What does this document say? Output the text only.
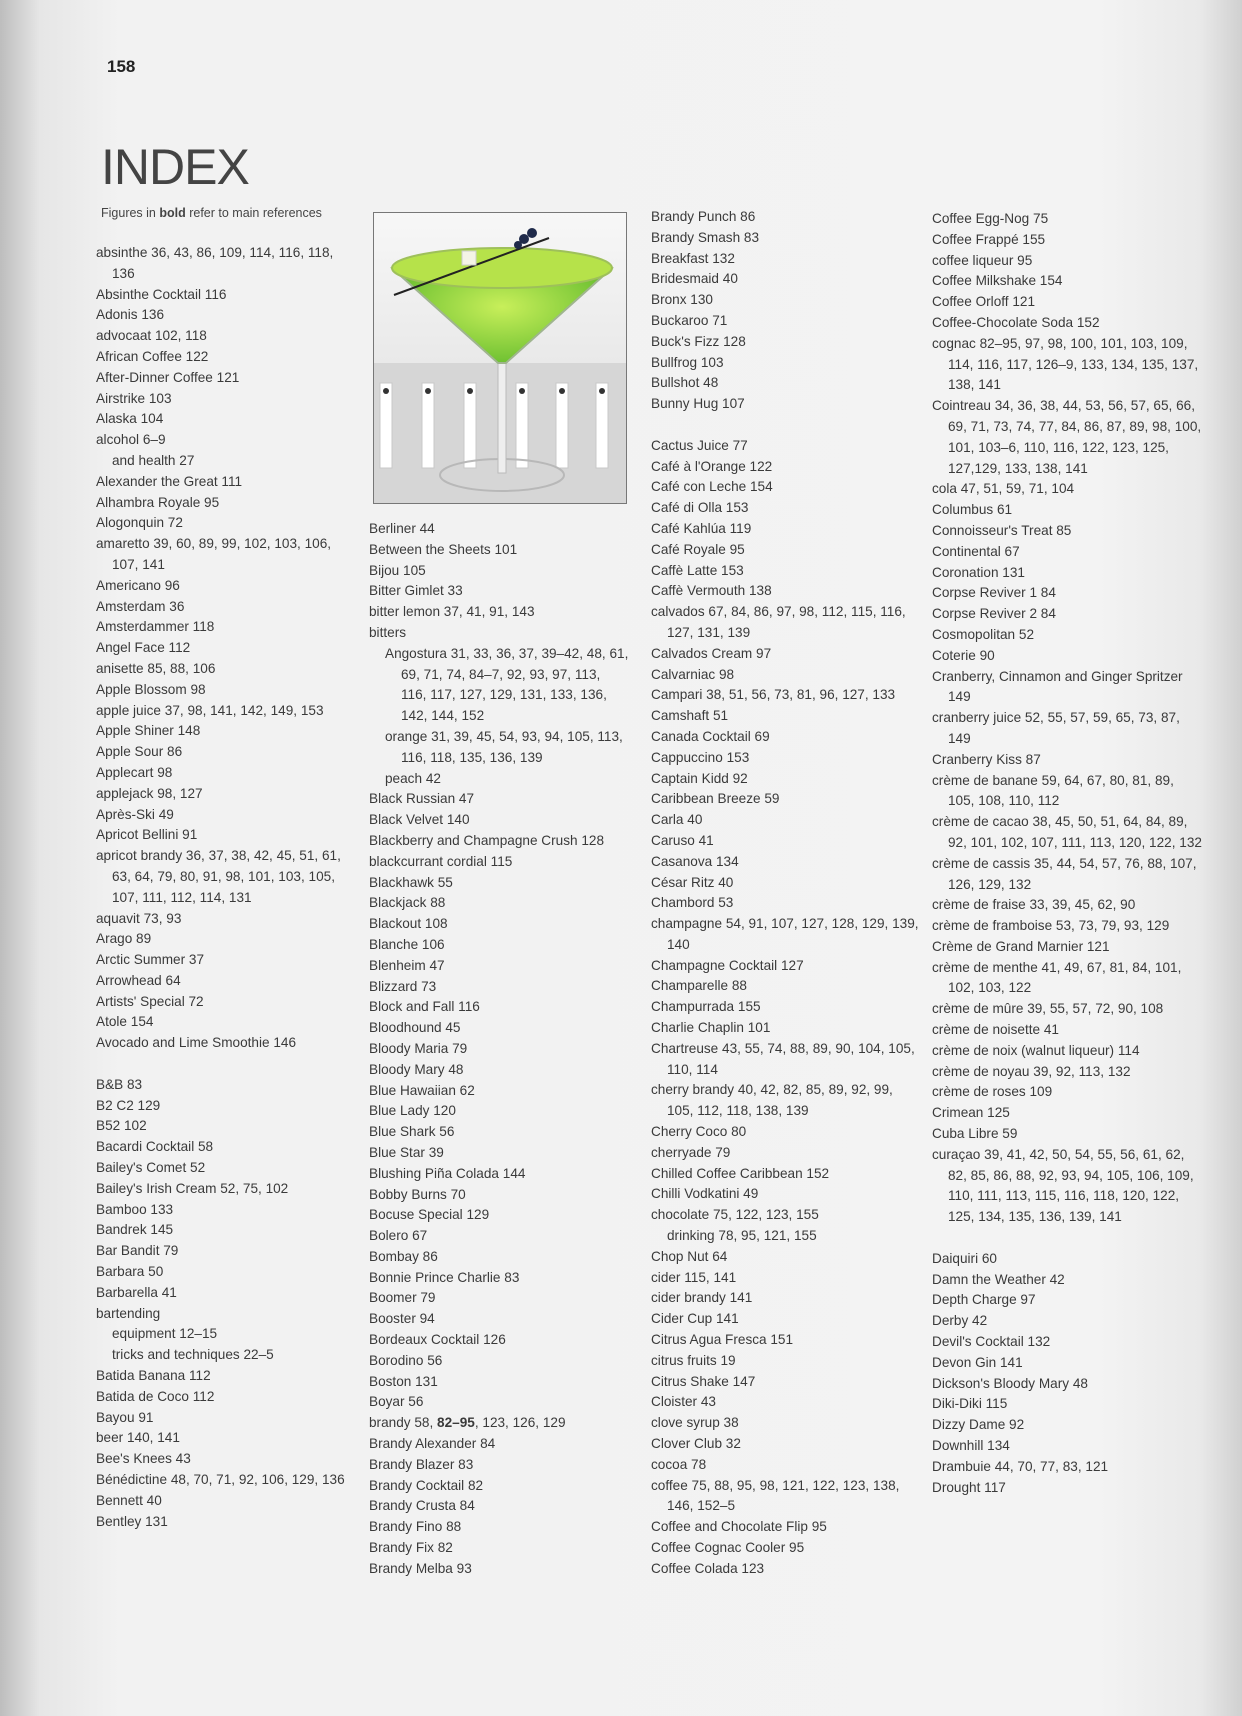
158
INDEX
Figures in bold refer to main references
absinthe 36, 43, 86, 109, 114, 116, 118, 136
Absinthe Cocktail 116
Adonis 136
advocaat 102, 118
African Coffee 122
After-Dinner Coffee 121
Airstrike 103
Alaska 104
alcohol 6–9
and health 27
Alexander the Great 111
Alhambra Royale 95
Alogonquin 72
amaretto 39, 60, 89, 99, 102, 103, 106, 107, 141
Americano 96
Amsterdam 36
Amsterdammer 118
Angel Face 112
anisette 85, 88, 106
Apple Blossom 98
apple juice 37, 98, 141, 142, 149, 153
Apple Shiner 148
Apple Sour 86
Applecart 98
applejack 98, 127
Après-Ski 49
Apricot Bellini 91
apricot brandy 36, 37, 38, 42, 45, 51, 61, 63, 64, 79, 80, 91, 98, 101, 103, 105, 107, 111, 112, 114, 131
aquavit 73, 93
Arago 89
Arctic Summer 37
Arrowhead 64
Artists' Special 72
Atole 154
Avocado and Lime Smoothie 146
B&B 83
B2 C2 129
B52 102
Bacardi Cocktail 58
Bailey's Comet 52
Bailey's Irish Cream 52, 75, 102
Bamboo 133
Bandrek 145
Bar Bandit 79
Barbara 50
Barbarella 41
bartending
equipment 12–15
tricks and techniques 22–5
Batida Banana 112
Batida de Coco 112
Bayou 91
beer 140, 141
Bee's Knees 43
Bénédictine 48, 70, 71, 92, 106, 129, 136
Bennett 40
Bentley 131
Berliner 44
Between the Sheets 101
Bijou 105
Bitter Gimlet 33
bitter lemon 37, 41, 91, 143
bitters
Angostura 31, 33, 36, 37, 39–42, 48, 61, 69, 71, 74, 84–7, 92, 93, 97, 113, 116, 117, 127, 129, 131, 133, 136, 142, 144, 152
orange 31, 39, 45, 54, 93, 94, 105, 113, 116, 118, 135, 136, 139
peach 42
Black Russian 47
Black Velvet 140
Blackberry and Champagne Crush 128
blackcurrant cordial 115
Blackhawk 55
Blackjack 88
Blackout 108
Blanche 106
Blenheim 47
Blizzard 73
Block and Fall 116
Bloodhound 45
Bloody Maria 79
Bloody Mary 48
Blue Hawaiian 62
Blue Lady 120
Blue Shark 56
Blue Star 39
Blushing Piña Colada 144
Bobby Burns 70
Bocuse Special 129
Bolero 67
Bombay 86
Bonnie Prince Charlie 83
Boomer 79
Booster 94
Bordeaux Cocktail 126
Borodino 56
Boston 131
Boyar 56
brandy 58, 82–95, 123, 126, 129
Brandy Alexander 84
Brandy Blazer 83
Brandy Cocktail 82
Brandy Crusta 84
Brandy Fino 88
Brandy Fix 82
Brandy Melba 93
Brandy Punch 86
Brandy Smash 83
Breakfast 132
Bridesmaid 40
Bronx 130
Buckaroo 71
Buck's Fizz 128
Bullfrog 103
Bullshot 48
Bunny Hug 107
Cactus Juice 77
Café à l'Orange 122
Café con Leche 154
Café di Olla 153
Café Kahlúa 119
Café Royale 95
Caffè Latte 153
Caffè Vermouth 138
calvados 67, 84, 86, 97, 98, 112, 115, 116, 127, 131, 139
Calvados Cream 97
Calvarniac 98
Campari 38, 51, 56, 73, 81, 96, 127, 133
Camshaft 51
Canada Cocktail 69
Cappuccino 153
Captain Kidd 92
Caribbean Breeze 59
Carla 40
Caruso 41
Casanova 134
César Ritz 40
Chambord 53
champagne 54, 91, 107, 127, 128, 129, 139, 140
Champagne Cocktail 127
Champarelle 88
Champurrada 155
Charlie Chaplin 101
Chartreuse 43, 55, 74, 88, 89, 90, 104, 105, 110, 114
cherry brandy 40, 42, 82, 85, 89, 92, 99, 105, 112, 118, 138, 139
Cherry Coco 80
cherryade 79
Chilled Coffee Caribbean 152
Chilli Vodkatini 49
chocolate 75, 122, 123, 155
drinking 78, 95, 121, 155
Chop Nut 64
cider 115, 141
cider brandy 141
Cider Cup 141
Citrus Agua Fresca 151
citrus fruits 19
Citrus Shake 147
Cloister 43
clove syrup 38
Clover Club 32
cocoa 78
coffee 75, 88, 95, 98, 121, 122, 123, 138, 146, 152–5
Coffee and Chocolate Flip 95
Coffee Cognac Cooler 95
Coffee Colada 123
Coffee Egg-Nog 75
Coffee Frappé 155
coffee liqueur 95
Coffee Milkshake 154
Coffee Orloff 121
Coffee-Chocolate Soda 152
cognac 82–95, 97, 98, 100, 101, 103, 109, 114, 116, 117, 126–9, 133, 134, 135, 137, 138, 141
Cointreau 34, 36, 38, 44, 53, 56, 57, 65, 66, 69, 71, 73, 74, 77, 84, 86, 87, 89, 98, 100, 101, 103–6, 110, 116, 122, 123, 125, 127,129, 133, 138, 141
cola 47, 51, 59, 71, 104
Columbus 61
Connoisseur's Treat 85
Continental 67
Coronation 131
Corpse Reviver 1 84
Corpse Reviver 2 84
Cosmopolitan 52
Coterie 90
Cranberry, Cinnamon and Ginger Spritzer 149
cranberry juice 52, 55, 57, 59, 65, 73, 87, 149
Cranberry Kiss 87
crème de banane 59, 64, 67, 80, 81, 89, 105, 108, 110, 112
crème de cacao 38, 45, 50, 51, 64, 84, 89, 92, 101, 102, 107, 111, 113, 120, 122, 132
crème de cassis 35, 44, 54, 57, 76, 88, 107, 126, 129, 132
crème de fraise 33, 39, 45, 62, 90
crème de framboise 53, 73, 79, 93, 129
Crème de Grand Marnier 121
crème de menthe 41, 49, 67, 81, 84, 101, 102, 103, 122
crème de mûre 39, 55, 57, 72, 90, 108
crème de noisette 41
crème de noix (walnut liqueur) 114
crème de noyau 39, 92, 113, 132
crème de roses 109
Crimean 125
Cuba Libre 59
curaçao 39, 41, 42, 50, 54, 55, 56, 61, 62, 82, 85, 86, 88, 92, 93, 94, 105, 106, 109, 110, 111, 113, 115, 116, 118, 120, 122, 125, 134, 135, 136, 139, 141
Daiquiri 60
Damn the Weather 42
Depth Charge 97
Derby 42
Devil's Cocktail 132
Devon Gin 141
Dickson's Bloody Mary 48
Diki-Diki 115
Dizzy Dame 92
Downhill 134
Drambuie 44, 70, 77, 83, 121
Drought 117
